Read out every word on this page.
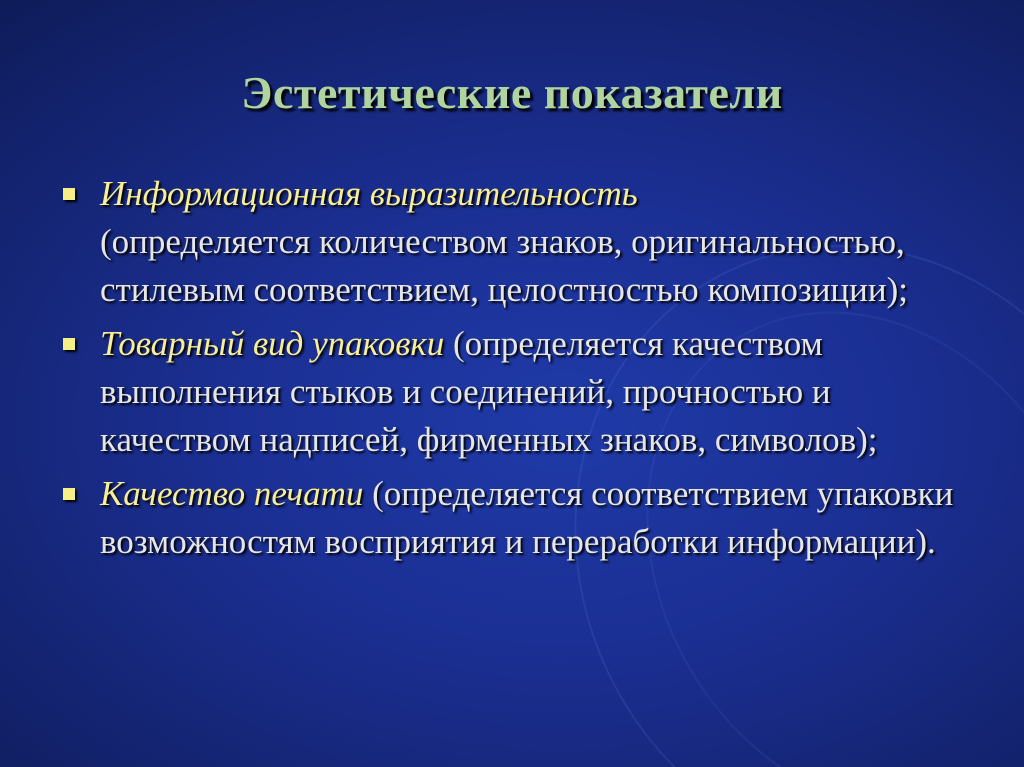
Эстетические показатели
Информационная выразительность
(определяется количеством знаков, оригинальностью, стилевым соответствием, целостностью композиции);
Товарный вид упаковки (определяется качеством выполнения стыков и соединений, прочностью и качеством надписей, фирменных знаков, символов);
Качество печати (определяется соответствием упаковки возможностям восприятия и переработки информации).
